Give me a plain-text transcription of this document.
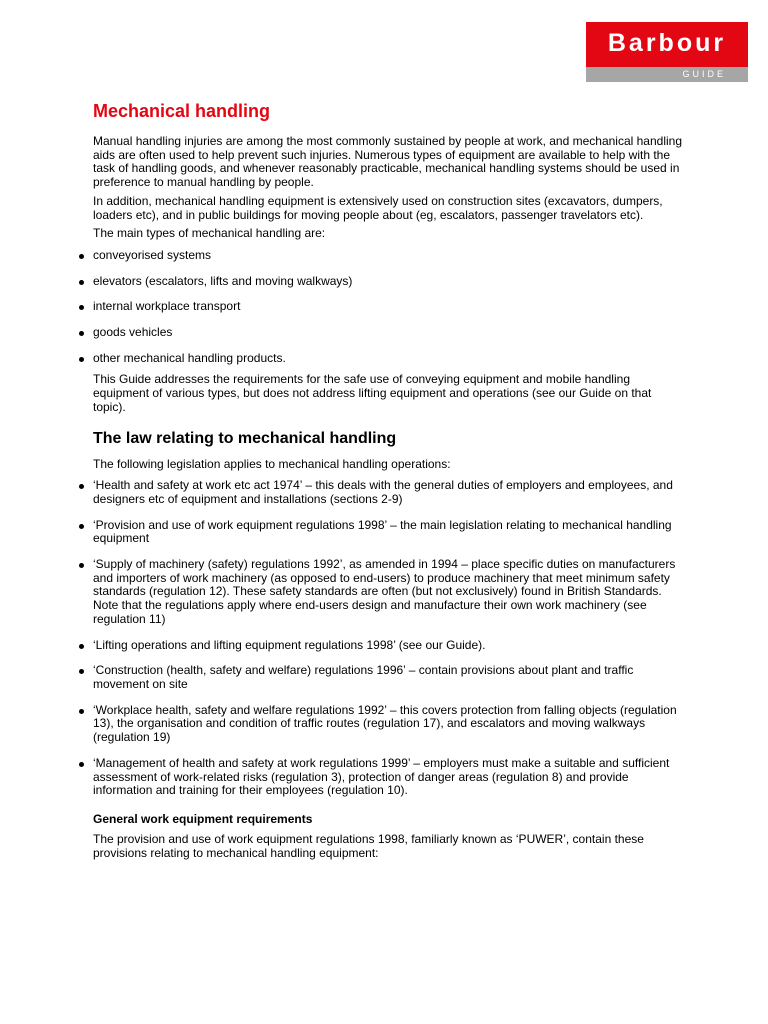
Barbour
GUIDE
Mechanical handling

Manual handling injuries are among the most commonly sustained by people at work, and mechanical handling aids are often used to help prevent such injuries. Numerous types of equipment are available to help with the task of handling goods, and whenever reasonably practicable, mechanical handling systems should be used in preference to manual handling by people.

In addition, mechanical handling equipment is extensively used on construction sites (excavators, dumpers, loaders etc), and in public buildings for moving people about (eg, escalators, passenger travelators etc).

The main types of mechanical handling are:

conveyorised systems
elevators (escalators, lifts and moving walkways)
internal workplace transport
goods vehicles
other mechanical handling products.

This Guide addresses the requirements for the safe use of conveying equipment and mobile handling equipment of various types, but does not address lifting equipment and operations (see our Guide on that topic).

The law relating to mechanical handling

The following legislation applies to mechanical handling operations:

‘Health and safety at work etc act 1974’ – this deals with the general duties of employers and employees, and designers etc of equipment and installations (sections 2-9)
‘Provision and use of work equipment regulations 1998’ – the main legislation relating to mechanical handling equipment
‘Supply of machinery (safety) regulations 1992’, as amended in 1994 – place specific duties on manufacturers and importers of work machinery (as opposed to end-users) to produce machinery that meet minimum safety standards (regulation 12). These safety standards are often (but not exclusively) found in British Standards. Note that the regulations apply where end-users design and manufacture their own work machinery (see regulation 11)
‘Lifting operations and lifting equipment regulations 1998’ (see our Guide).
‘Construction (health, safety and welfare) regulations 1996’ – contain provisions about plant and traffic movement on site
‘Workplace health, safety and welfare regulations 1992’ – this covers protection from falling objects (regulation 13), the organisation and condition of traffic routes (regulation 17), and escalators and moving walkways (regulation 19)
‘Management of health and safety at work regulations 1999’ – employers must make a suitable and sufficient assessment of work-related risks (regulation 3), protection of danger areas (regulation 8) and provide information and training for their employees (regulation 10).
General work equipment requirements

The provision and use of work equipment regulations 1998, familiarly known as ‘PUWER’, contain these provisions relating to mechanical handling equipment:
